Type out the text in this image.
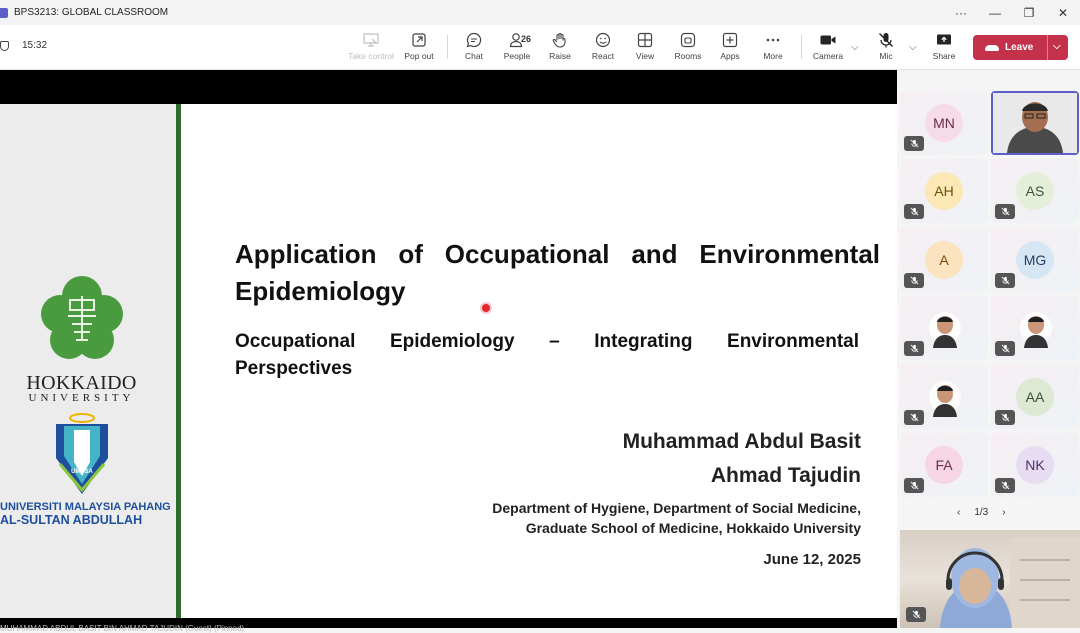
BPS3213: GLOBAL CLASSROOM	···	—	❐	✕
15:32
Take control Pop out	Chat
26
People Raise React	View Rooms Apps	More	Camera
⌵
Mic
⌵
Share
Leave ⌵
HOKKAIDO
UNIVERSITY
UMPSA
UNIVERSITI MALAYSIA PAHANG
AL-SULTAN ABDULLAH
Application of Occupational and Environmental Epidemiology
Occupational Epidemiology – Integrating Environmental Perspectives
Muhammad Abdul Basit
Ahmad Tajudin
Department of Hygiene, Department of Social Medicine,
Graduate School of Medicine, Hokkaido University
June 12, 2025
MUHAMMAD ABDUL BASIT BIN AHMAD TAJUDIN (Guest) (Pinned)
MN
AH	AS
A	MG
AA
FA	NK
‹ 1/3 ›
